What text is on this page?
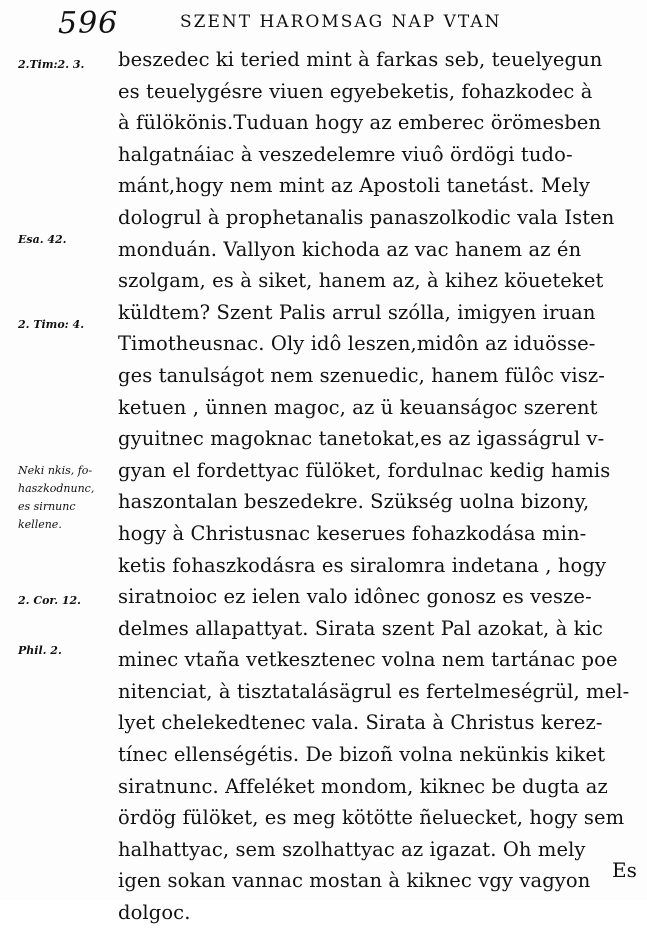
596	SZENT HAROMSAG NAP VTAN
2.Tim:2. 3.
Esa. 42.
2. Timo: 4.
Neki nkis, fo-
haszkodnunc,
es sirnunc
kellene.
2. Cor. 12.
Phil. 2.
beszedec ki teried mint à farkas seb, teuelyegun
es teuelygésre viuen egyebeketis, fohazkodec à
à fülökönis.Tuduan hogy az emberec örömesben
halgatnáiac à veszedelemre viuô ördögi tudo-
mánt,hogy nem mint az Apostoli tanetást. Mely
dologrul à prophetanalis panaszolkodic vala Isten
monduán. Vallyon kichoda az vac hanem az én
szolgam, es à siket, hanem az, à kihez köueteket
küldtem? Szent Palis arrul szólla, imigyen iruan
Timotheusnac. Oly idô leszen,midôn az iduösse-
ges tanulságot nem szenuedic, hanem fülôc visz-
ketuen , ünnen magoc, az ü keuanságoc szerent
gyuitnec magoknac tanetokat,es az igasságrul v-
gyan el fordettyac fülöket, fordulnac kedig hamis
haszontalan beszedekre. Szükség uolna bizony,
hogy à Christusnac keserues fohazkodása min-
ketis fohaszkodásra es siralomra indetana , hogy
siratnoioc ez ielen valo idônec gonosz es vesze-
delmes allapattyat. Sirata szent Pal azokat, à kic
minec vtaña vetkesztenec volna nem tartánac poe
nitenciat, à tisztatalásägrul es fertelmeségrül, mel-
lyet chelekedtenec vala. Sirata à Christus kerez-
tínec ellenségétis. De bizoñ volna nekünkis kiket
siratnunc. Affeléket mondom, kiknec be dugta az
ördög fülöket, es meg kötötte ñeluecket, hogy sem
halhattyac, sem szolhattyac az igazat. Oh mely
igen sokan vannac mostan à kiknec vgy vagyon
dolgoc.
Es
